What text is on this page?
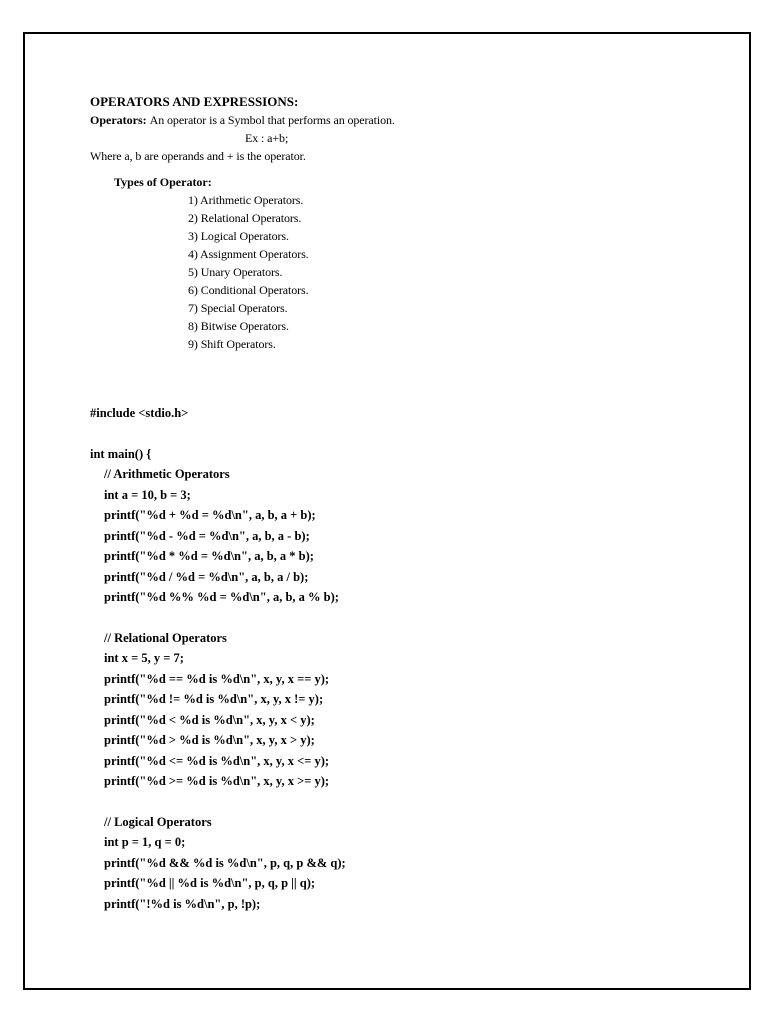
OPERATORS AND EXPRESSIONS:
Operators: An operator is a Symbol that performs an operation.
Ex : a+b;
Where a, b are operands and + is the operator.
Types of Operator:
1) Arithmetic Operators.
2) Relational Operators.
3) Logical Operators.
4) Assignment Operators.
5) Unary Operators.
6) Conditional Operators.
7) Special Operators.
8) Bitwise Operators.
9) Shift Operators.
#include <stdio.h>
int main() {
// Arithmetic Operators
int a = 10, b = 3;
printf("%d + %d = %d\n", a, b, a + b);
printf("%d - %d = %d\n", a, b, a - b);
printf("%d * %d = %d\n", a, b, a * b);
printf("%d / %d = %d\n", a, b, a / b);
printf("%d %% %d = %d\n", a, b, a % b);
// Relational Operators
int x = 5, y = 7;
printf("%d == %d is %d\n", x, y, x == y);
printf("%d != %d is %d\n", x, y, x != y);
printf("%d < %d is %d\n", x, y, x < y);
printf("%d > %d is %d\n", x, y, x > y);
printf("%d <= %d is %d\n", x, y, x <= y);
printf("%d >= %d is %d\n", x, y, x >= y);
// Logical Operators
int p = 1, q = 0;
printf("%d && %d is %d\n", p, q, p && q);
printf("%d || %d is %d\n", p, q, p || q);
printf("!%d is %d\n", p, !p);
